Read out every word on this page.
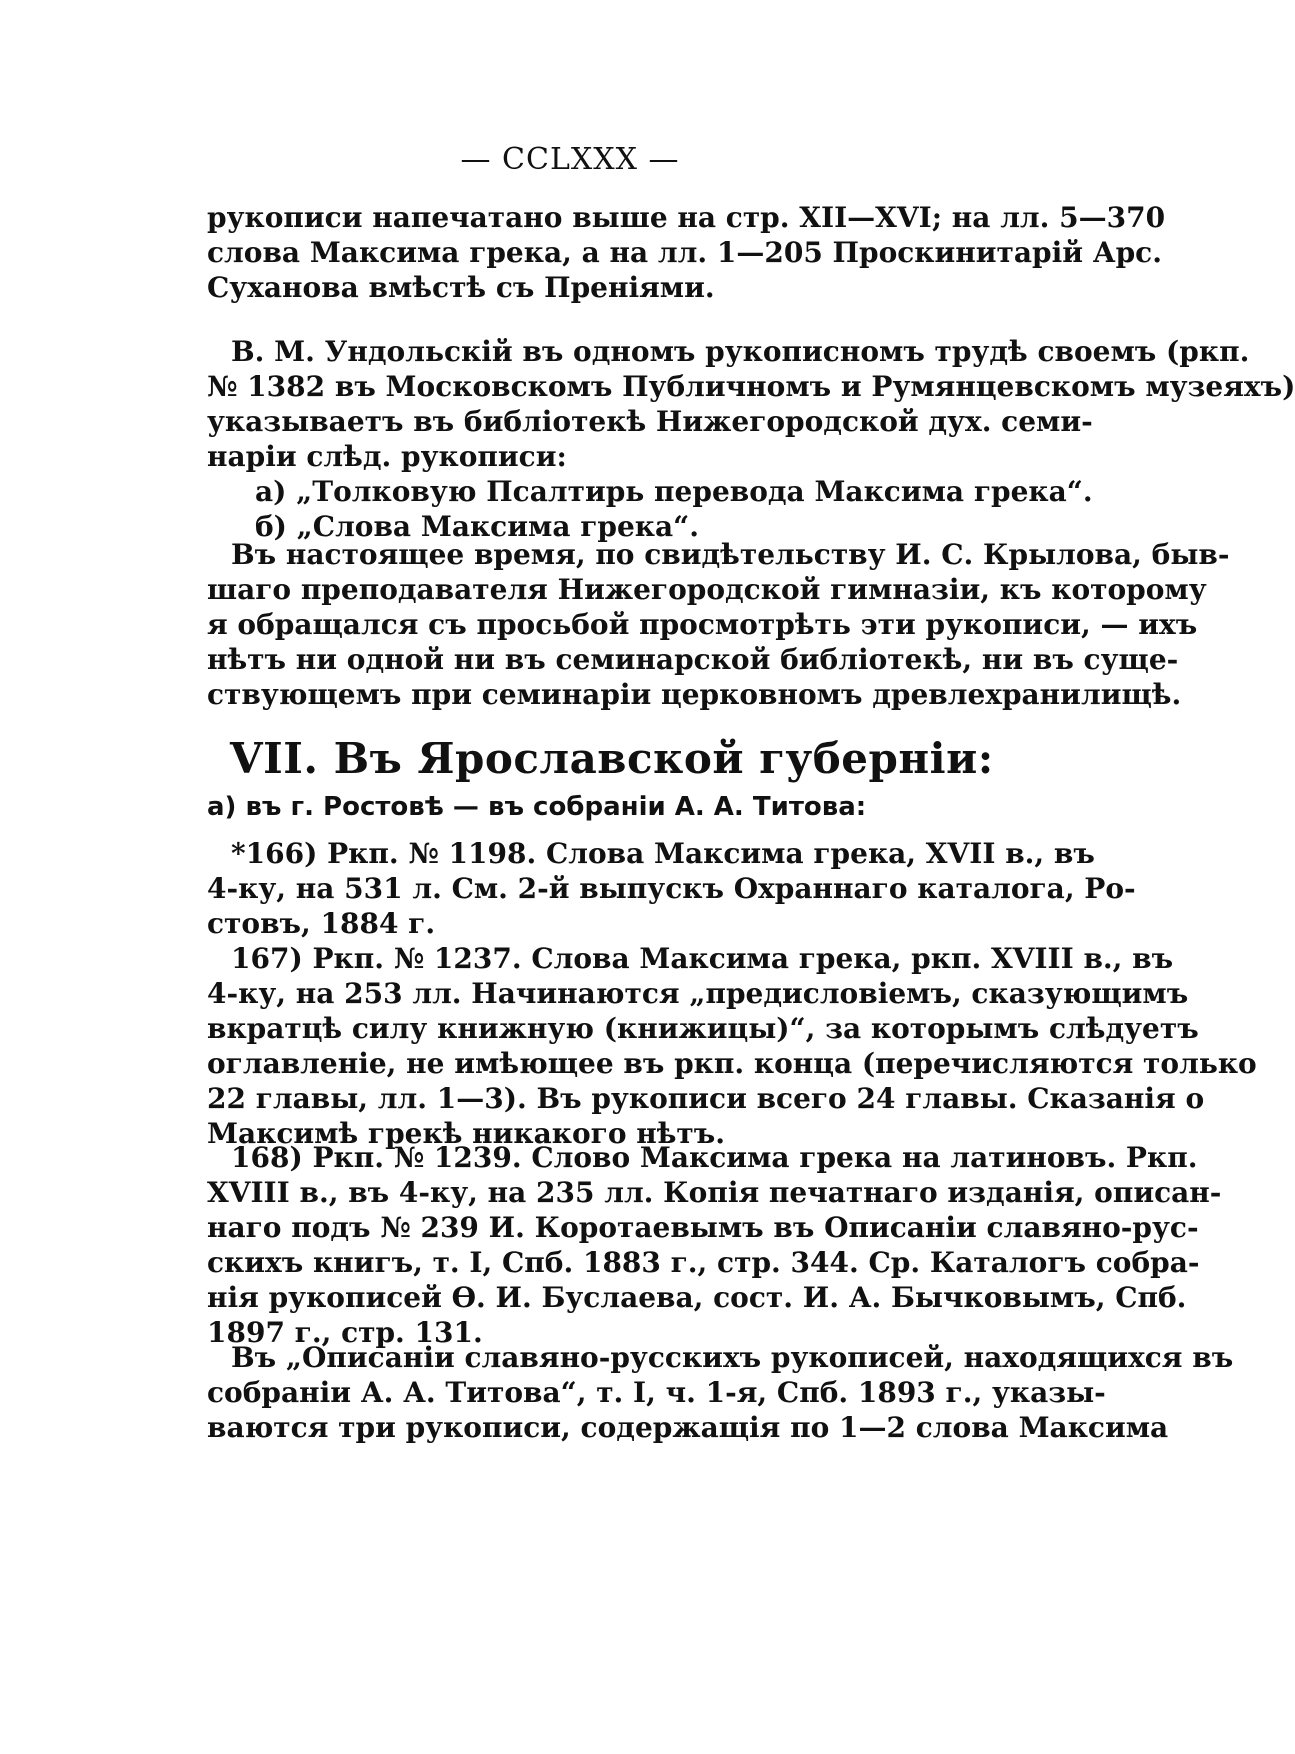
— CCLXXX —
рукописи напечатано выше на стр. XII—XVI; на лл. 5—370
слова Максима грека, а на лл. 1—205 Проскинитарій Арс.
Суханова вмѣстѣ съ Преніями.
В. М. Ундольскій въ одномъ рукописномъ трудѣ своемъ (ркп.
№ 1382 въ Московскомъ Публичномъ и Румянцевскомъ музеяхъ)
указываетъ въ библіотекѣ Нижегородской дух. семи-
наріи слѣд. рукописи:
а) „Толковую Псалтирь перевода Максима грека“.
б) „Слова Максима грека“.
Въ настоящее время, по свидѣтельству И. С. Крылова, быв-
шаго преподавателя Нижегородской гимназіи, къ которому
я обращался съ просьбой просмотрѣть эти рукописи, — ихъ
нѣтъ ни одной ни въ семинарской библіотекѣ, ни въ суще-
ствующемъ при семинаріи церковномъ древлехранилищѣ.
VII. Въ Ярославской губерніи:
а) въ г. Ростовѣ — въ собраніи А. А. Титова:
*166) Ркп. № 1198. Слова Максима грека, XVII в., въ
4-ку, на 531 л. См. 2-й выпускъ Охраннаго каталога, Ро-
стовъ, 1884 г.
167) Ркп. № 1237. Слова Максима грека, ркп. XVIII в., въ
4-ку, на 253 лл. Начинаются „предисловіемъ, сказующимъ
вкратцѣ силу книжную (книжицы)“, за которымъ слѣдуетъ
оглавленіе, не имѣющее въ ркп. конца (перечисляются только
22 главы, лл. 1—3). Въ рукописи всего 24 главы. Сказанія о
Максимѣ грекѣ никакого нѣтъ.
168) Ркп. № 1239. Слово Максима грека на латиновъ. Ркп.
XVIII в., въ 4-ку, на 235 лл. Копія печатнаго изданія, описан-
наго подъ № 239 И. Коротаевымъ въ Описаніи славяно-рус-
скихъ книгъ, т. I, Спб. 1883 г., стр. 344. Ср. Каталогъ собра-
нія рукописей Ѳ. И. Буслаева, сост. И. А. Бычковымъ, Спб.
1897 г., стр. 131.
Въ „Описаніи славяно-русскихъ рукописей, находящихся въ
собраніи А. А. Титова“, т. I, ч. 1-я, Спб. 1893 г., указы-
ваются три рукописи, содержащія по 1—2 слова Максима
